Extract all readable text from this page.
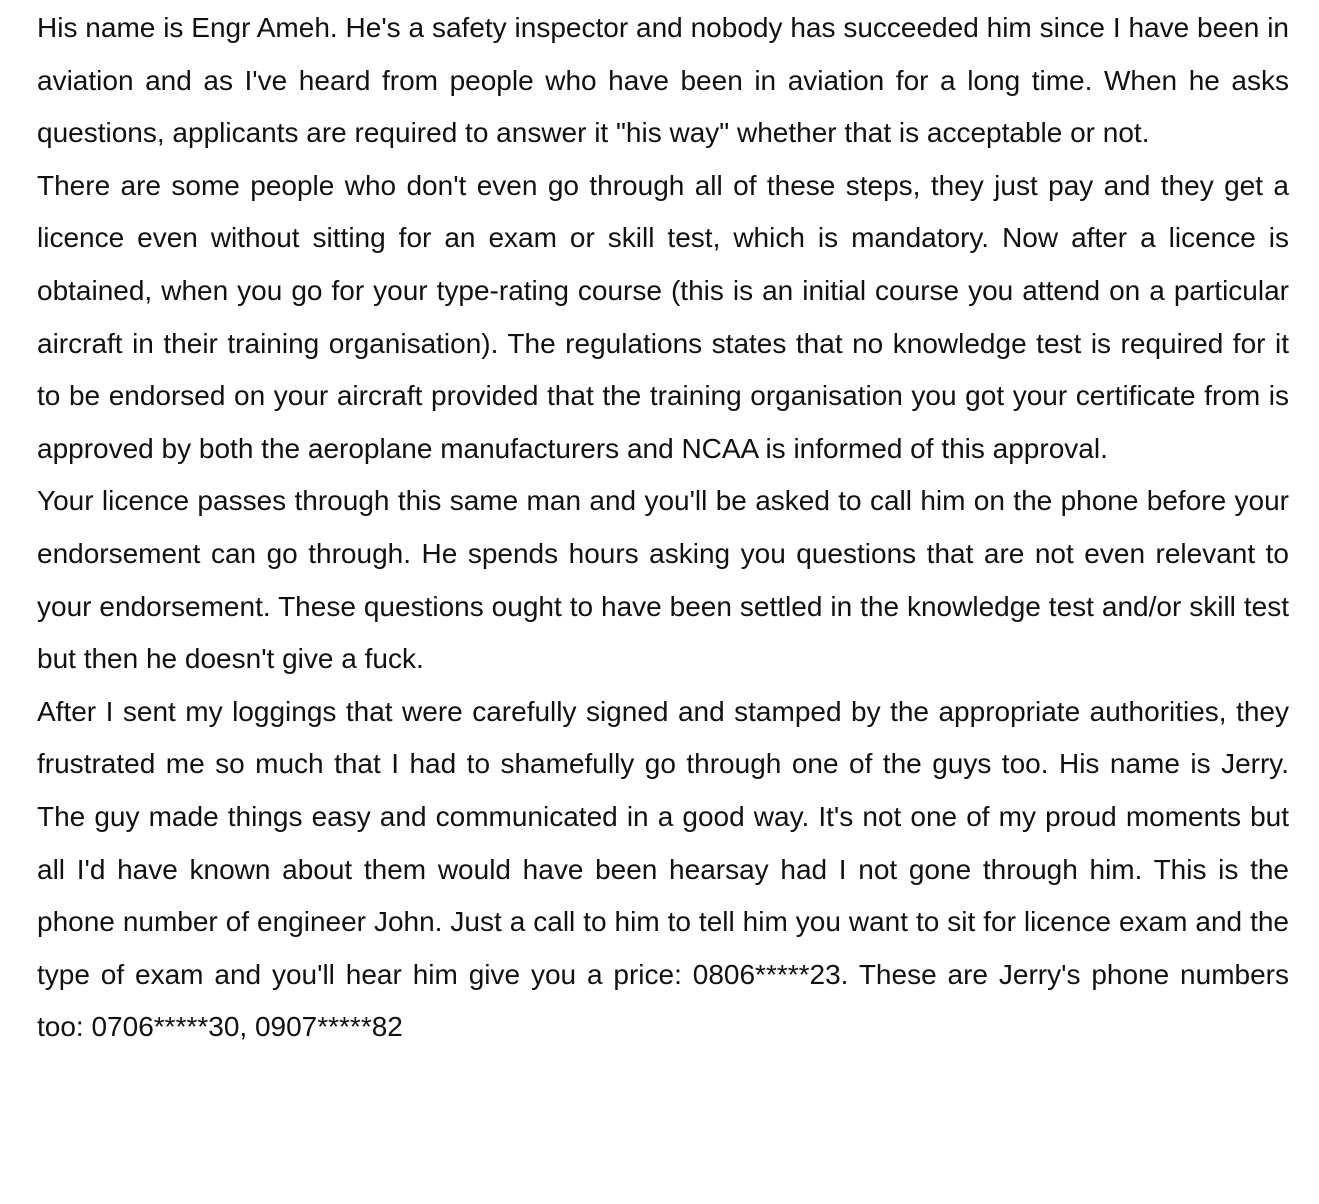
His name is Engr Ameh. He's a safety inspector and nobody has succeeded him since I have been in aviation and as I've heard from people who have been in aviation for a long time. When he asks questions, applicants are required to answer it "his way" whether that is acceptable or not.

There are some people who don't even go through all of these steps, they just pay and they get a licence even without sitting for an exam or skill test, which is mandatory. Now after a licence is obtained, when you go for your type-rating course (this is an initial course you attend on a particular aircraft in their training organisation). The regulations states that no knowledge test is required for it to be endorsed on your aircraft provided that the training organisation you got your certificate from is approved by both the aeroplane manufacturers and NCAA is informed of this approval.

Your licence passes through this same man and you'll be asked to call him on the phone before your endorsement can go through. He spends hours asking you questions that are not even relevant to your endorsement. These questions ought to have been settled in the knowledge test and/or skill test but then he doesn't give a fuck.

After I sent my loggings that were carefully signed and stamped by the appropriate authorities, they frustrated me so much that I had to shamefully go through one of the guys too. His name is Jerry. The guy made things easy and communicated in a good way. It's not one of my proud moments but all I'd have known about them would have been hearsay had I not gone through him. This is the phone number of engineer John. Just a call to him to tell him you want to sit for licence exam and the type of exam and you'll hear him give you a price: 0806*****23. These are Jerry's phone numbers too: 0706*****30, 0907*****82
